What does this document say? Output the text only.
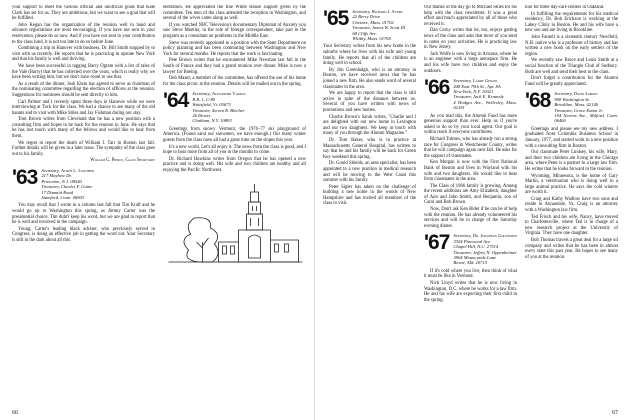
your support to meet the various official and unofficial goals that Kate Clark has set for us. They are ambitious, but we want to see a goal that will be fulfilled.

John Kegan has the organization of the reunion well in hand and advance registrations are most encouraging. If you have not sent in your reservation, please do so now. And if you have not sent in your contribution to the class fund, it is not too late to do so before June.

Combining a trip to Hanover with business, Dr. Bill Smith stopped by to visit with us recently. He reports that he is practicing in upstate New York and that his family is well and thriving.

We have been successful in tagging Barry Ogram with a list of tales of the Vale (Barry) that he has collected over the years, which is really why we have been writing him, but we don't have room to use that.

As a result of the dinner, Josh Klein has agreed to serve as chairman of the nominating committee regarding the election of officers at the reunion. Suggestions for nominees should be sent directly to him.

Carl Palmer and I recently spent three days in Hanover while we were interviewing at Tuck for the class. We had a chance to see many of the old haunts and to visit with Mike Stiles and Jay Fishman during our stay.

Tom Brown writes from Cleveland that he has a new position with a consulting firm and hopes to be back for the reunion in June. He says that he has lost touch with many of the fellows and would like to hear from them.

We regret to report the death of William J. Tarr in Boston last fall. Further details will be given in a later issue. The sympathy of the class goes out to his family.

William C. Pierce, Class Secretary
'63 Secretary, Alden L. Lowther
217 Mayhew Dr.
Princeton, N.J. 08540
Treasurer, Charles F. Gaine
17 Dimmitt Road
Stamford, Conn. 06903

You may recall that I wrote in a column last fall that Tim Kraft and he would go up to Washington this spring, as Jimmy Carter was the presidential choice. Tim didn't keep his word, but we are glad to report that he is well and involved in the campaign.

Young, Carter's leading black adviser, who previously served in Congress, is doing an effective job in getting the word out. Your Secretary is still in the dark about all this.

elebration. He appreciated the fine White House support given by the committee. Ten men of the class attended the reception in Washington, and several of the wives came along as well.

If you watched NBC Television's documentary Diplomat of Anxiety you saw Steve Moeller, in the role of foreign correspondent, take part in the program as a consultant on problems in the Middle East.

Steve was recently appointed to a position with the State Department on policy planning and has been commuting between Washington and New York for several months. He reports that the work is fascinating.

Pete Brown writes that he encountered Mike Newman last fall in the South of France and they had a grand reunion over dinner. Mike is now a lawyer for Boeing.

Deb Mazer, a member of the committee, has offered the use of his home for the class picnic at the reunion. Details will be mailed out in the spring.

'64 Secretary, Alexander Varkas
R.R. 1, C-85
Waitsfield, Vt. 05673
Treasurer, Steven R. Blecher
26 Dexter
Chatham, N.Y. 10893

Greetings from snowy Vermont, the 1976–77 ski playground of America. (Found sand our snowmen, we have enough.) Our many winter guests from the class have all had a great time on the slopes this year.

It's a new world. Let's all enjoy it. The news from the class is good, and I hope to hear more from all of you in the months to come.

Dr. Richard Hawkins writes from Oregon that he has opened a new practice and is doing well. His wife and two children are healthy and all enjoying the Pacific Northwest.

66
'65 Secretary, Richard J. Avery
22 Berry Drive
Chesnee, Mass. 01702
Treasurer, James W. Scott III
68 Cliffs Ave.
Whitby, Mass. 01760

Your Secretary writes from his new home in the suburbs where he lives with his wife and young family. He reports that all of the children are doing well in school.

By Jim Greenhalgh, who is an attorney in Boston, we have received news that he has joined a new firm. He also sends word of several classmates in the area.

We are happy to report that the class is still active in spite of the distance between us. Several of you have written with news of promotions and new homes.

Charlie Brown's Sarah writes, "Charlie and I are delighted with our new home in Lexington and our two daughters. We keep in touch with many of you through the Alumni Magazine."

Dr. Tom Baker, who is in practice at Massachusetts General Hospital, has written to say that he and his family will be back for Green Key weekend this spring.

Dr. Gould Shields, an area specialist, has been appointed to a new position in medical research and will be moving to the West Coast this summer with his family.

Peter Sigler has taken on the challenge of building a new home in the woods of New Hampshire and has invited all members of the class to visit.

Our thanks of the day go to Michael Stiles for his help with the class newsletter. It was a great effort and much appreciated by all of those who received it.

Dan Cerny writes that he, too, enjoys getting news of the class and asks that more of you send in notes on your activities. He is practicing law in New Jersey.

Jack Wolfe is now living in Arizona, where he is an engineer with a large aerospace firm. He and his wife have two children and enjoy the outdoors.

'66 Secretary, Larry Geiger
448 East 79th St., Apt. 8A
New York, N.Y. 10021
Treasurer, Jack E. Kennedy
4 Hodges Ave., Wellesley, Mass. 02181

As you read this, the Alumni Fund has more generous support than ever. Help us if you're asked to do so by your local agent. Our goal is within reach if everyone contributes.

Richard Tolmes, who has already run a strong race for Congress in Westchester County, writes that he will campaign again next fall. He asks for the support of classmates.

Ken Morgan is now with the First National Bank of Boston and lives in Wayland with his wife and two daughters. He would like to hear from classmates in the area.

The Class of 1966 family is growing. Among the recent additions are Amy Elizabeth, daughter of Ann and John Smith, and Benjamin, son of Carol and Bob Brown.

Now, Don't ask Ken Rider if he can be of help with the reunion. He has already volunteered his services and will be in charge of the Saturday evening dinner.

'67 Secretary, Dr. Jonathan Goldsmith
3304 Pinewood Ave.
Chapel Hill, N.C. 27514
Treasurer, Jeffrey N. Oppenheimer
3804 Mouncyside Lane
Bowie, Md. 20715

If it's cold where you live, then think of what it must be like in Vermont.

Nick Lloyd writes that he is now living in Washington, D.C. where he works for a law firm. He and his wife are expecting their first child in the spring.

tion for three day-care centers in Oakland.

In fulfilling the requirements for his medical residency, Dr. Bob Erickson is working at the Lahey Clinic in Boston. He and his wife have a new son and are living in Brookline.

John Farnell is a sixteenth century Newfield, N.H. native who is a professor of history and has written a new book on the early settlers of the region.

We recently saw Bruce and Louis Smith at a social function of the Triangle Club of Sudbury. Both are well and send their best to the class.

Don't forget a contribution for the Alumni Fund will be greatly appreciated.

'68 Secretary, David Loring
908 Washington St.
Brookline, Mass. 02146
Treasurer, Grove Eaton Jr.
194 Nevens Ave., Milford, Conn. 06460

Greetings and please see my new address. I graduated from Columbia Business School in January, 1977, and started work in a new position with a consulting firm in Boston.

Our classmate Peter Lindsey, his wife, Mary, and their two children are living in the Chicago area, where Peter is a partner in a large law firm. He writes that he looks forward to the reunion.

Wyoming, Minnesota, is the home of Gary Martin, a veterinarian who is doing well in a large animal practice. He says the cold winters are worth it.

Craig and Kathy Wadlow have two sons and reside in Annandale, Va. Craig is an attorney with a Washington law firm.

Ted Frisch and his wife, Nancy, have moved to Charlottesville, where Ted is in charge of a new research project at the University of Virginia. They have one daughter.

Bob Thomas travels a great deal for a large oil company and writes that he has been in almost every state this past year. He hopes to see many of you at the reunion.

67
